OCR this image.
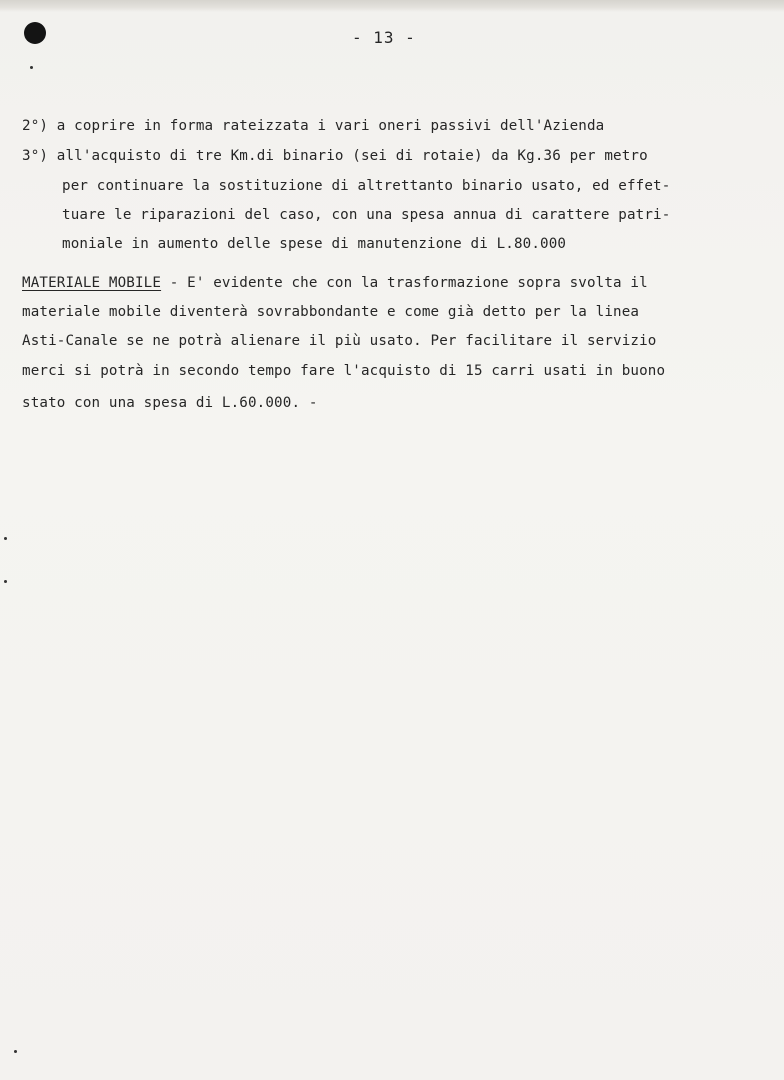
- 13 -
2°) a coprire in forma rateizzata i vari oneri passivi dell'Azienda
3°) all'acquisto di tre Km.di binario (sei di rotaie) da Kg.36 per metro
per continuare la sostituzione di altrettanto binario usato, ed effet-
tuare le riparazioni del caso, con una spesa annua di carattere patri-
moniale in aumento delle spese di manutenzione di L.80.000
MATERIALE MOBILE - E' evidente che con la trasformazione sopra svolta il
materiale mobile diventerà sovrabbondante e come già detto per la linea
Asti-Canale se ne potrà alienare il più usato. Per facilitare il servizio
merci si potrà in secondo tempo fare l'acquisto di 15 carri usati in buono
stato con una spesa di L.60.000. -
